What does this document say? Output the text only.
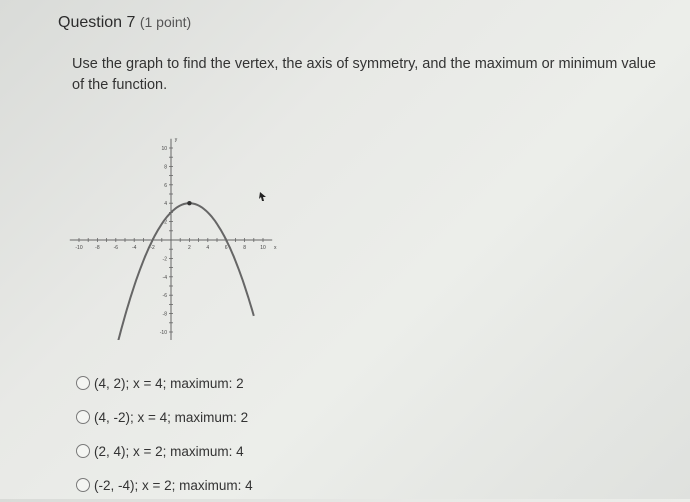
Question 7 (1 point)
Use the graph to find the vertex, the axis of symmetry, and the maximum or minimum value of the function.
-10	-8	-6	-4	-2	2	4	6	8	10 x
8
6
4
2
-2
-4
-6
-8
-10
10
y
(4, 2); x = 4; maximum: 2
(4, -2); x = 4; maximum: 2
(2, 4); x = 2; maximum: 4
(-2, -4); x = 2; maximum: 4
